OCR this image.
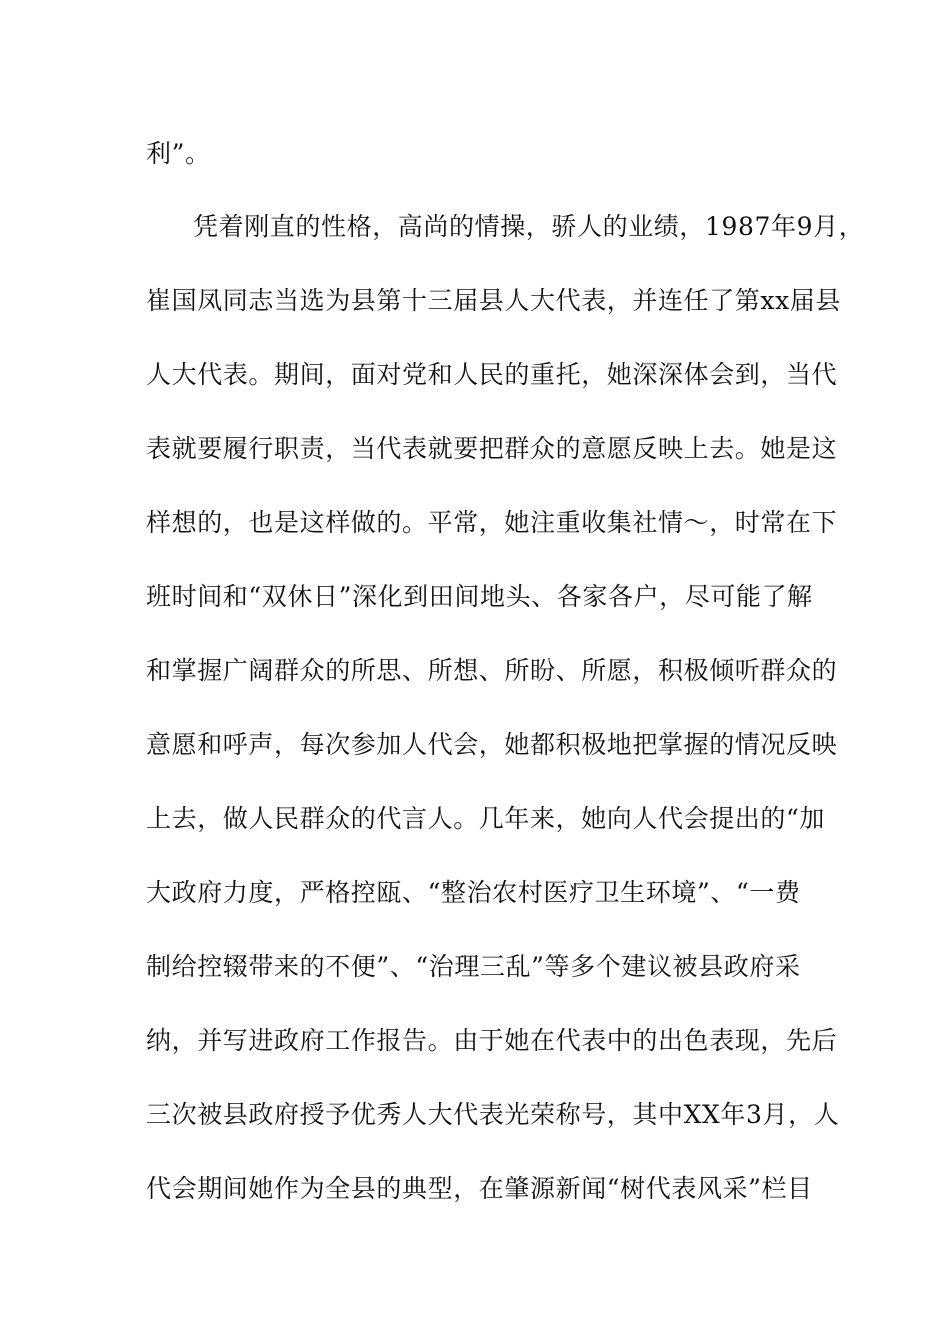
利”。
凭着刚直的性格，高尚的情操，骄人的业绩，1987年9月，
崔国凤同志当选为县第十三届县人大代表，并连任了第xx届县
人大代表。期间，面对党和人民的重托，她深深体会到，当代
表就要履行职责，当代表就要把群众的意愿反映上去。她是这
样想的，也是这样做的。平常，她注重收集社情～，时常在下
班时间和“双休日”深化到田间地头、各家各户，尽可能了解
和掌握广阔群众的所思、所想、所盼、所愿，积极倾听群众的
意愿和呼声，每次参加人代会，她都积极地把掌握的情况反映
上去，做人民群众的代言人。几年来，她向人代会提出的“加
大政府力度，严格控瓯、“整治农村医疗卫生环境”、“一费
制给控辍带来的不便”、“治理三乱”等多个建议被县政府采
纳，并写进政府工作报告。由于她在代表中的出色表现，先后
三次被县政府授予优秀人大代表光荣称号，其中XX年3月，人
代会期间她作为全县的典型，在肇源新闻“树代表风采”栏目
